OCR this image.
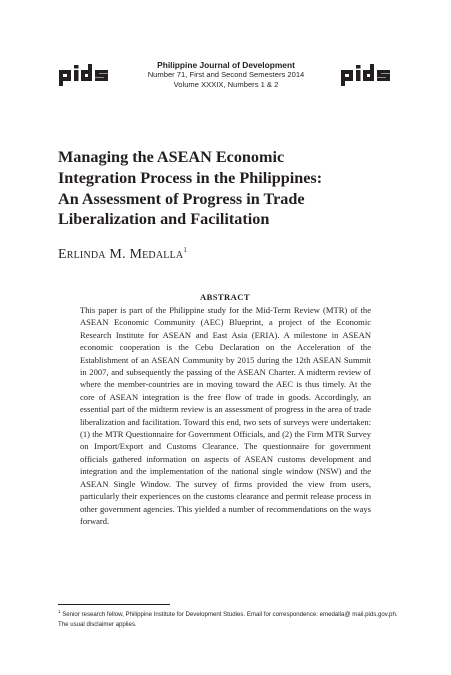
Philippine Journal of Development
Number 71, First and Second Semesters 2014
Volume XXXIX, Numbers 1 & 2
Managing the ASEAN Economic
Integration Process in the Philippines:
An Assessment of Progress in Trade
Liberalization and Facilitation
Erlinda M. Medalla$^1$
ABSTRACT

This paper is part of the Philippine study for the Mid-Term Review (MTR) of the ASEAN Economic Community (AEC) Blueprint, a project of the Economic Research Institute for ASEAN and East Asia (ERIA). A milestone in ASEAN economic cooperation is the Cebu Declaration on the Acceleration of the Establishment of an ASEAN Community by 2015 during the 12th ASEAN Summit in 2007, and subsequently the passing of the ASEAN Charter. A midterm review of where the member-countries are in moving toward the AEC is thus timely. At the core of ASEAN integration is the free flow of trade in goods. Accordingly, an essential part of the midterm review is an assessment of progress in the area of trade liberalization and facilitation. Toward this end, two sets of surveys were undertaken: (1) the MTR Questionnaire for Government Officials, and (2) the Firm MTR Survey on Import/Export and Customs Clearance. The questionnaire for government officials gathered information on aspects of ASEAN customs development and integration and the implementation of the national single window (NSW) and the ASEAN Single Window. The survey of firms provided the view from users, particularly their experiences on the customs clearance and permit release process in other government agencies. This yielded a number of recommendations on the ways forward.

$^1$ Senior research fellow, Philippine Institute for Development Studies. Email for correspondence: emedalla@ mail.pids.gov.ph. The usual disclaimer applies.
